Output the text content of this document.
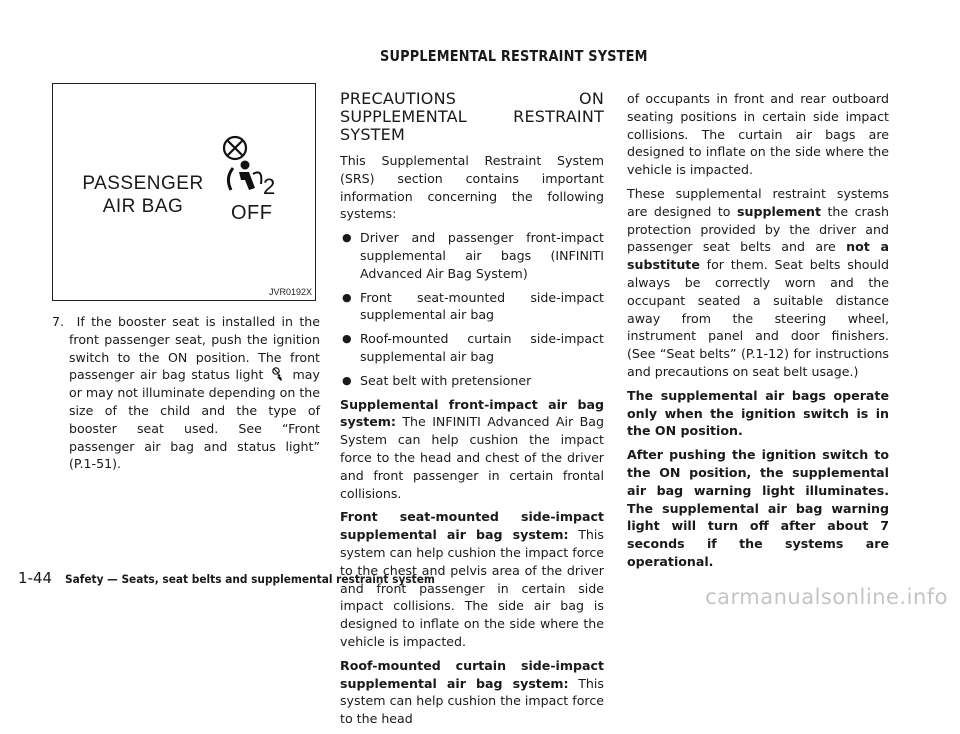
SUPPLEMENTAL RESTRAINT SYSTEM
PASSENGER
AIR BAG
2
OFF
JVR0192X

7. If the booster seat is installed in the front passenger seat, push the ignition switch to the ON position. The front passenger air bag status light may or may not illuminate depending on the size of the child and the type of booster seat used. See “Front passenger air bag and status light” (P.1-51).

PRECAUTIONS ON SUPPLEMENTAL RESTRAINT SYSTEM

This Supplemental Restraint System (SRS) section contains important information concerning the following systems:

● Driver and passenger front-impact supplemental air bags (INFINITI Advanced Air Bag System)
● Front seat-mounted side-impact supplemental air bag
● Roof-mounted curtain side-impact supplemental air bag
● Seat belt with pretensioner

Supplemental front-impact air bag system: The INFINITI Advanced Air Bag System can help cushion the impact force to the head and chest of the driver and front passenger in certain frontal collisions.

Front seat-mounted side-impact supplemental air bag system: This system can help cushion the impact force to the chest and pelvis area of the driver and front passenger in certain side impact collisions. The side air bag is designed to inflate on the side where the vehicle is impacted.

Roof-mounted curtain side-impact supplemental air bag system: This system can help cushion the impact force to the head

of occupants in front and rear outboard seating positions in certain side impact collisions. The curtain air bags are designed to inflate on the side where the vehicle is impacted.

These supplemental restraint systems are designed to supplement the crash protection provided by the driver and passenger seat belts and are not a substitute for them. Seat belts should always be correctly worn and the occupant seated a suitable distance away from the steering wheel, instrument panel and door finishers. (See “Seat belts” (P.1-12) for instructions and precautions on seat belt usage.)

The supplemental air bags operate only when the ignition switch is in the ON position.

After pushing the ignition switch to the ON position, the supplemental air bag warning light illuminates. The supplemental air bag warning light will turn off after about 7 seconds if the systems are operational.

1-44 Safety — Seats, seat belts and supplemental restraint system
carmanualsonline.info
